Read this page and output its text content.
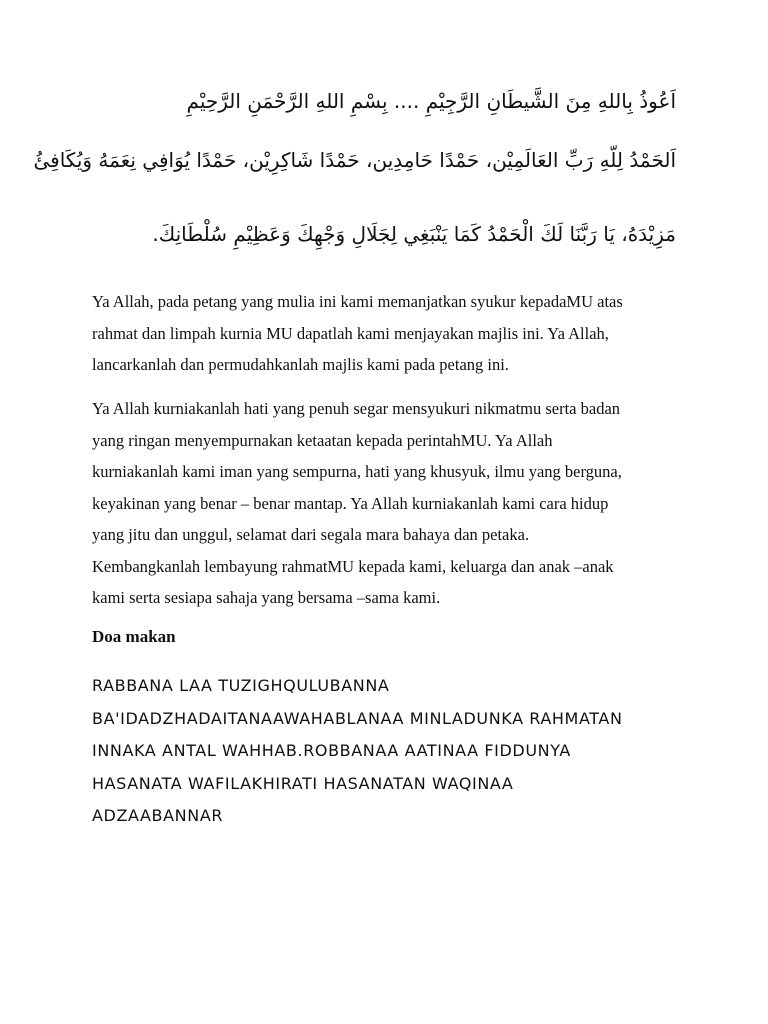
اَعُوذُ بِاللهِ مِنَ الشَّيطَانِ الرَّجِيْمِ .... بِسْمِ اللهِ الرَّحْمَنِ الرَّحِيْمِ
اَلحَمْدُ لِلّهِ رَبِّ العَالَمِيْن، حَمْدًا حَامِدِين، حَمْدًا شَاكِرِيْن، حَمْدًا يُوَافِي نِعَمَهُ وَيُكَافِئُ
مَزِيْدَهُ، يَا رَبَّنَا لَكَ الْحَمْدُ كَمَا يَنْبَغِي لِجَلَالِ وَجْهِكَ وَعَظِيْمِ سُلْطَانِكَ.
Ya Allah, pada petang yang mulia ini kami memanjatkan syukur kepadaMU atas
rahmat dan limpah kurnia MU dapatlah kami menjayakan majlis ini. Ya Allah,
lancarkanlah dan permudahkanlah majlis kami pada petang ini.
Ya Allah kurniakanlah hati yang penuh segar mensyukuri nikmatmu serta badan
yang ringan menyempurnakan ketaatan kepada perintahMU. Ya Allah
kurniakanlah kami iman yang sempurna, hati yang khusyuk, ilmu yang berguna,
keyakinan yang benar – benar mantap. Ya Allah kurniakanlah kami cara hidup
yang jitu dan unggul, selamat dari segala mara bahaya dan petaka.
Kembangkanlah lembayung rahmatMU kepada kami, keluarga dan anak –anak
kami serta sesiapa sahaja yang bersama –sama kami.
Doa makan
RABBANA LAA TUZIGHQULUBANNA
BA'IDADZHADAITANAAWAHABLANAA MINLADUNKA RAHMATAN
INNAKA ANTAL WAHHAB.ROBBANAA AATINAA FIDDUNYA
HASANATA WAFILAKHIRATI HASANATAN WAQINAA
ADZAABANNAR
